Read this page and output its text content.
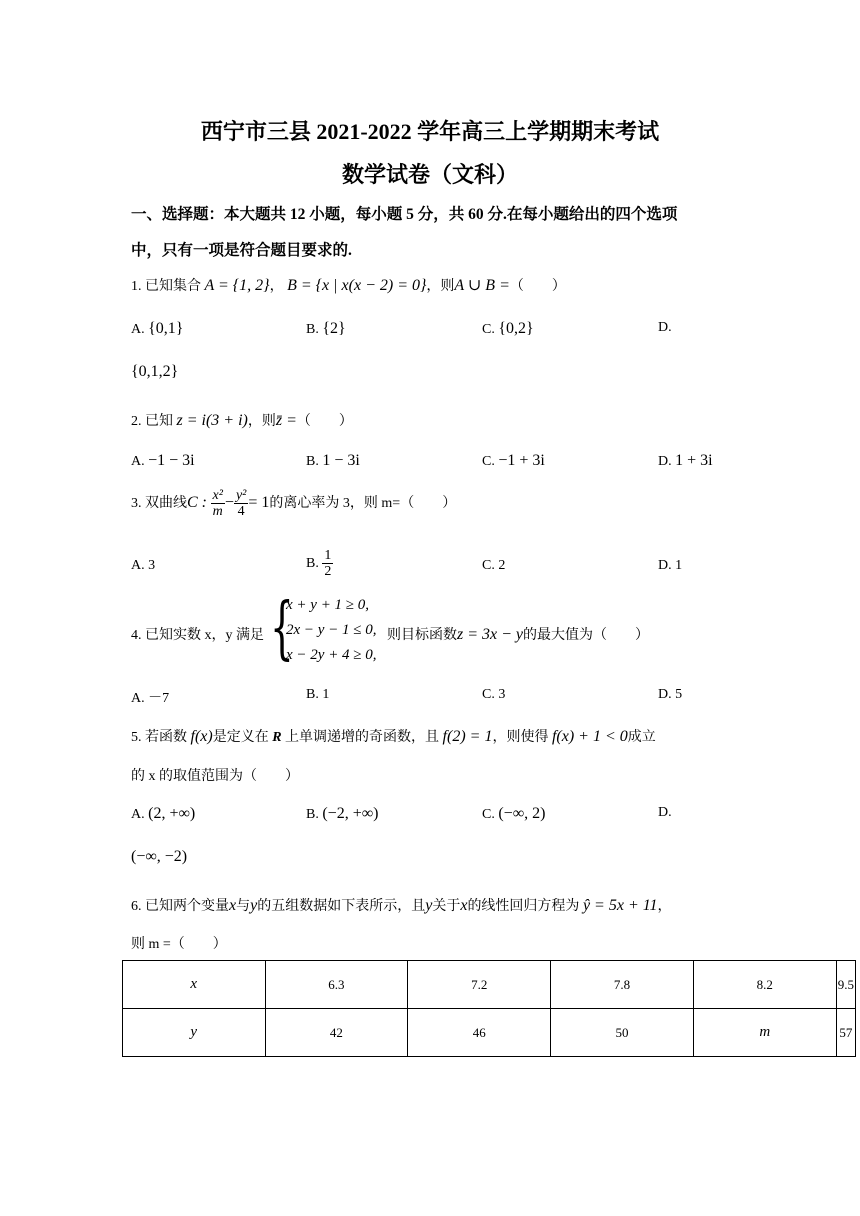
西宁市三县 2021-2022 学年高三上学期期末考试
数学试卷（文科）
一、选择题：本大题共 12 小题，每小题 5 分，共 60 分.在每小题给出的四个选项
中，只有一项是符合题目要求的.
1. 已知集合 A = {1, 2}， B = {x | x(x − 2) = 0}，则A ∪ B =（　　）
A. {0,1}	B. {2}	C. {0,2}	D.
{0,1,2}
2. 已知 z = i(3 + i)，则z̄ =（　　）
A. −1 − 3i	B. 1 − 3i	C. −1 + 3i	D. 1 + 3i
3. 双曲线C : $\frac{\text{x²}}{m} - \frac{\text{y²}}{4} = 1$的离心率为 3，则 m=（　　）
A. 3	B. $\frac{1}{2}$	C. 2	D. 1
4. 已知实数 x，y 满足 {
x + y + 1 ≥ 0,
2x − y − 1 ≤ 0,
x − 2y + 4 ≥ 0,
则目标函数z = 3x − y的最大值为（　　）
A. －7	B. 1	C. 3	D. 5
5. 若函数 f(x)是定义在 R 上单调递增的奇函数，且 f(2) = 1，则使得 f(x) + 1 < 0成立
的 x 的取值范围为（　　）
A. (2, +∞)	B. (−2, +∞)	C. (−∞, 2)	D.
(−∞, −2)
6. 已知两个变量x与y的五组数据如下表所示，且y关于x的线性回归方程为 ŷ = 5x + 11，
则 m =（　　）
x	6.3	7.2	7.8	8.2	9.5
y	42	46	50	m	57
